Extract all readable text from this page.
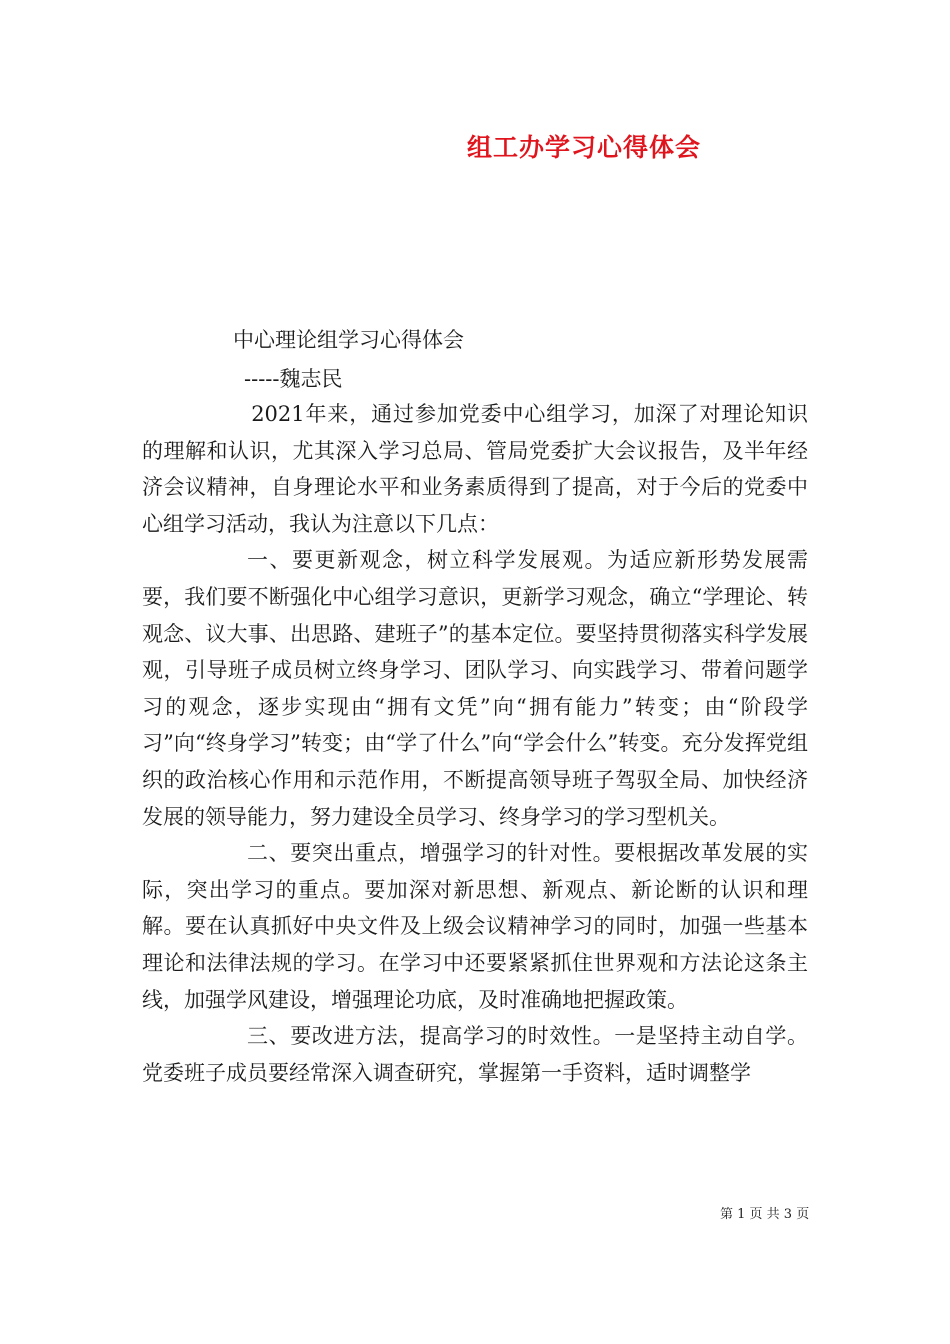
组工办学习心得体会
中心理论组学习心得体会
-----魏志民

2021年来，通过参加党委中心组学习，加深了对理论知识的理解和认识，尤其深入学习总局、管局党委扩大会议报告，及半年经济会议精神，自身理论水平和业务素质得到了提高，对于今后的党委中心组学习活动，我认为注意以下几点：

一、要更新观念，树立科学发展观。为适应新形势发展需要，我们要不断强化中心组学习意识，更新学习观念，确立“学理论、转观念、议大事、出思路、建班子”的基本定位。要坚持贯彻落实科学发展观，引导班子成员树立终身学习、团队学习、向实践学习、带着问题学习的观念，逐步实现由“拥有文凭”向“拥有能力”转变；由“阶段学习”向“终身学习”转变；由“学了什么”向“学会什么”转变。充分发挥党组织的政治核心作用和示范作用，不断提高领导班子驾驭全局、加快经济发展的领导能力，努力建设全员学习、终身学习的学习型机关。

二、要突出重点，增强学习的针对性。要根据改革发展的实际，突出学习的重点。要加深对新思想、新观点、新论断的认识和理解。要在认真抓好中央文件及上级会议精神学习的同时，加强一些基本理论和法律法规的学习。在学习中还要紧紧抓住世界观和方法论这条主线，加强学风建设，增强理论功底，及时准确地把握政策。

三、要改进方法，提高学习的时效性。一是坚持主动自学。党委班子成员要经常深入调查研究，掌握第一手资料，适时调整学

第 1 页 共 3 页
